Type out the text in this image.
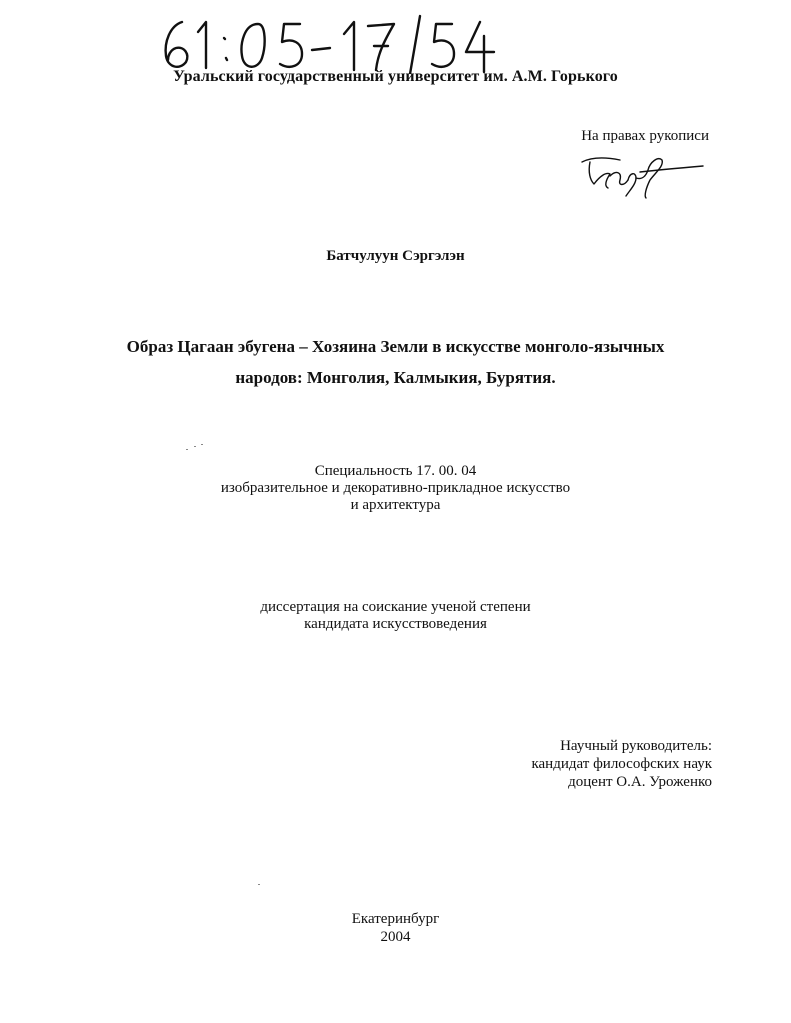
Уральский государственный университет им. А.М. Горького
На правах рукописи
Батчулуун Сэргэлэн
Образ Цагаан эбугена – Хозяина Земли в искусстве монголо-язычных
народов: Монголия, Калмыкия, Бурятия.
Специальность 17. 00. 04
изобразительное и декоративно-прикладное искусство
и архитектура
диссертация на соискание ученой степени
кандидата искусствоведения
Научный руководитель:
кандидат философских наук
доцент О.А. Уроженко
Екатеринбург
2004
